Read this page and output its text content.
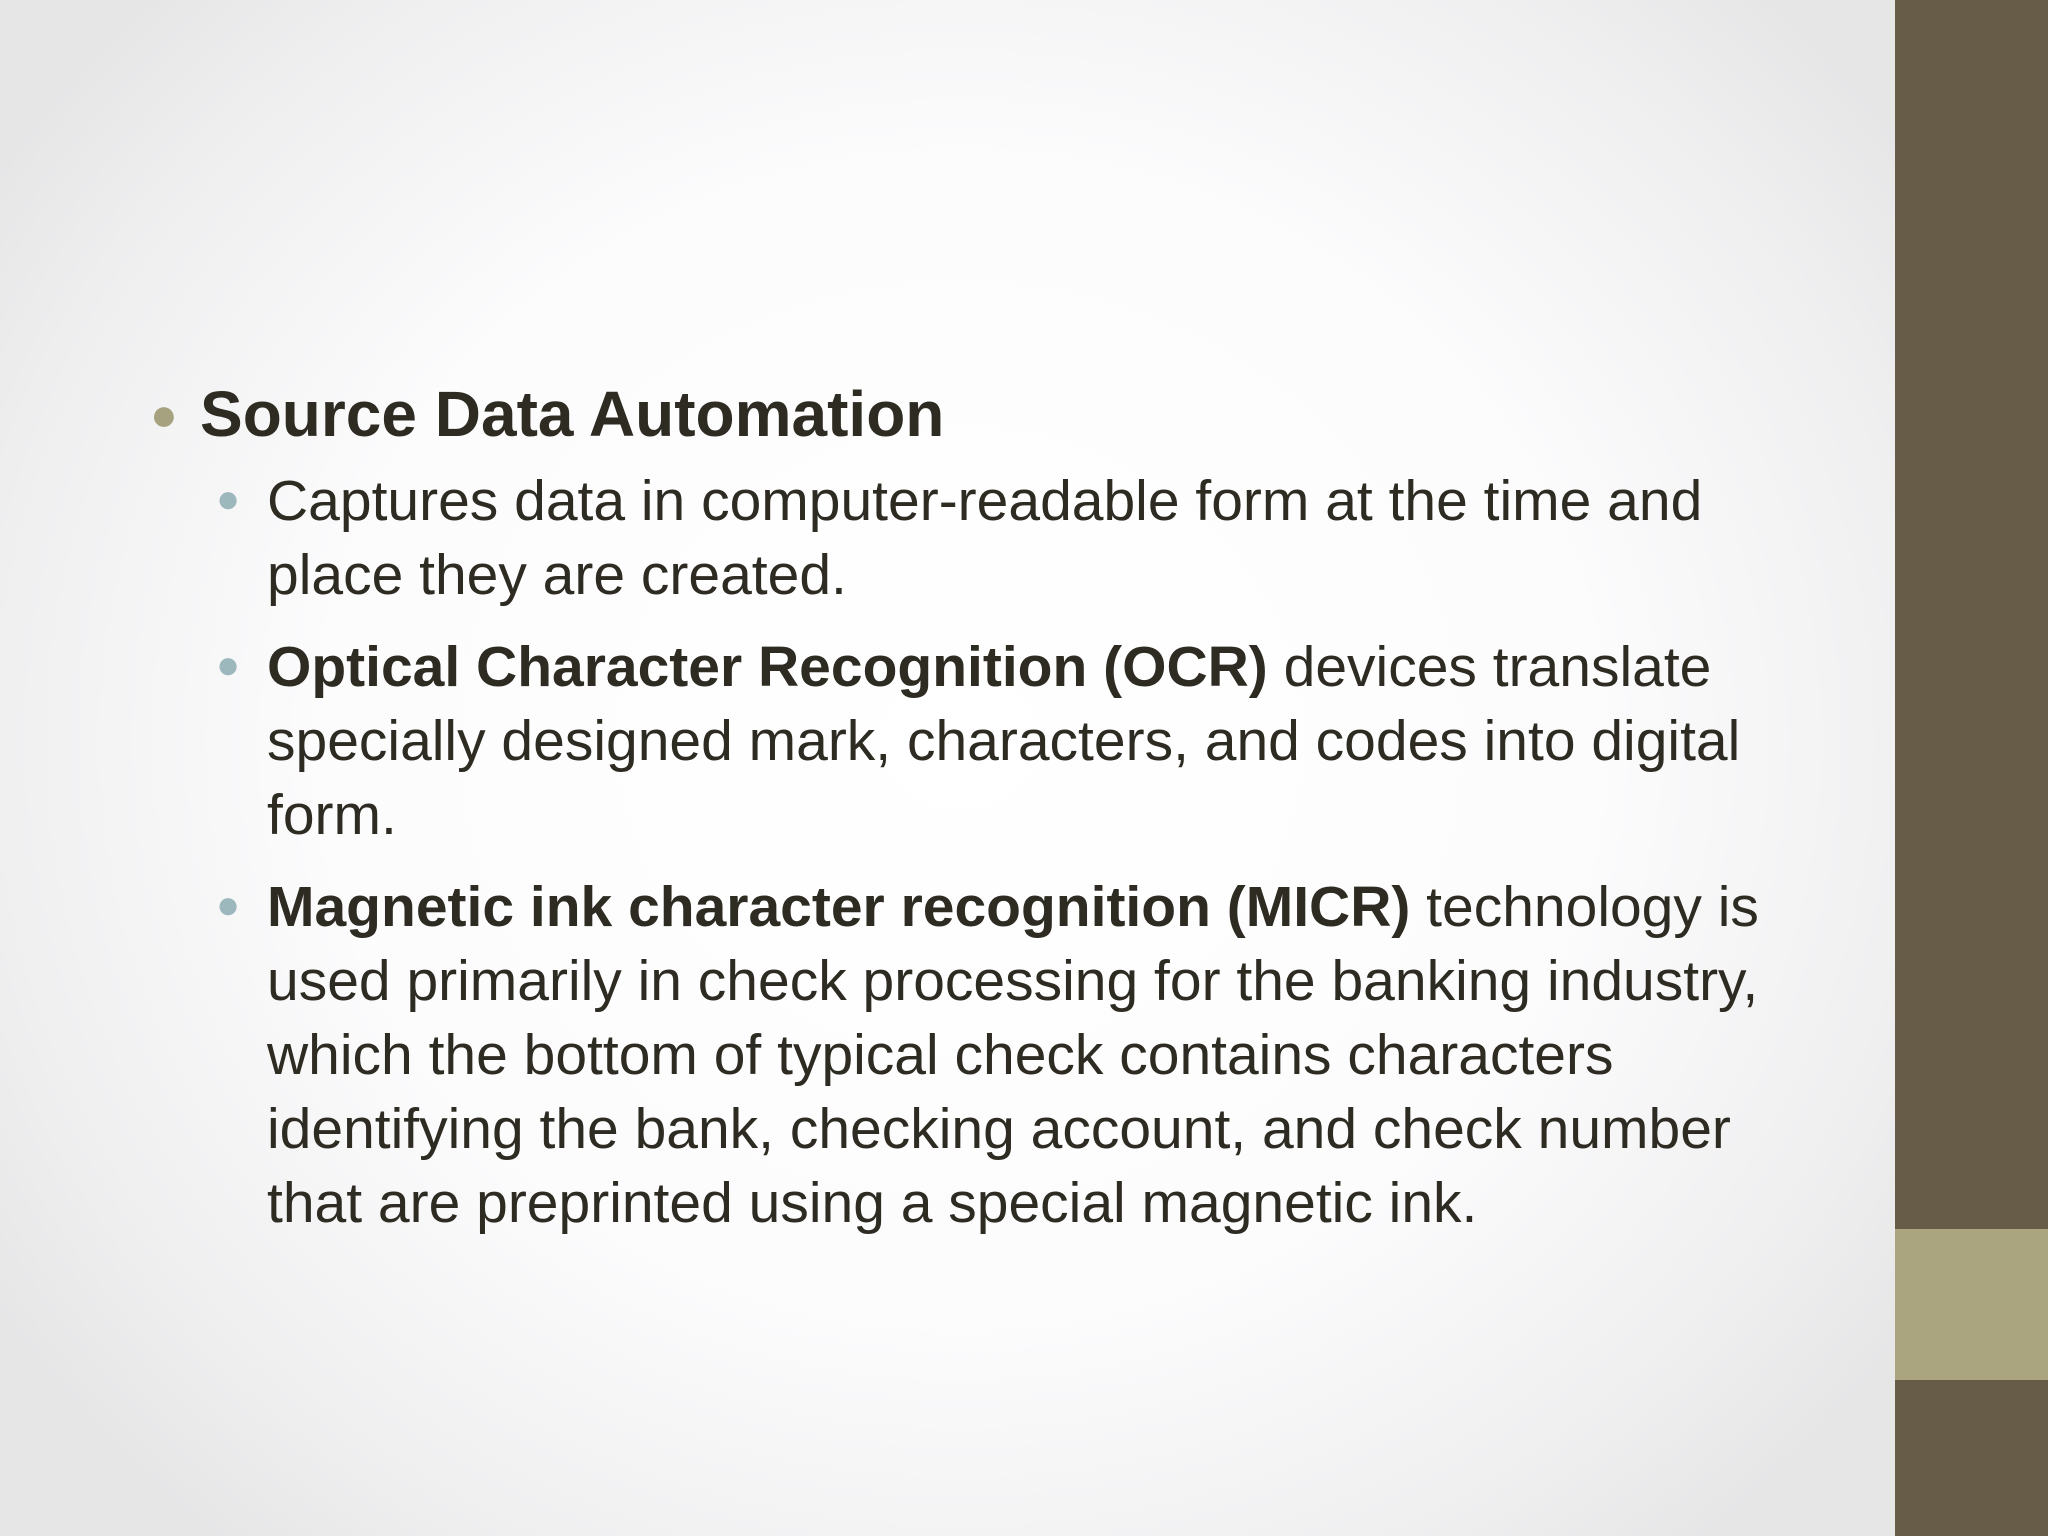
● Source Data Automation
● Captures data in computer-readable form at the time and place they are created.
● Optical Character Recognition (OCR) devices translate specially designed mark, characters, and codes into digital form.
● Magnetic ink character recognition (MICR) technology is used primarily in check processing for the banking industry, which the bottom of typical check contains characters identifying the bank, checking account, and check number that are preprinted using a special magnetic ink.
